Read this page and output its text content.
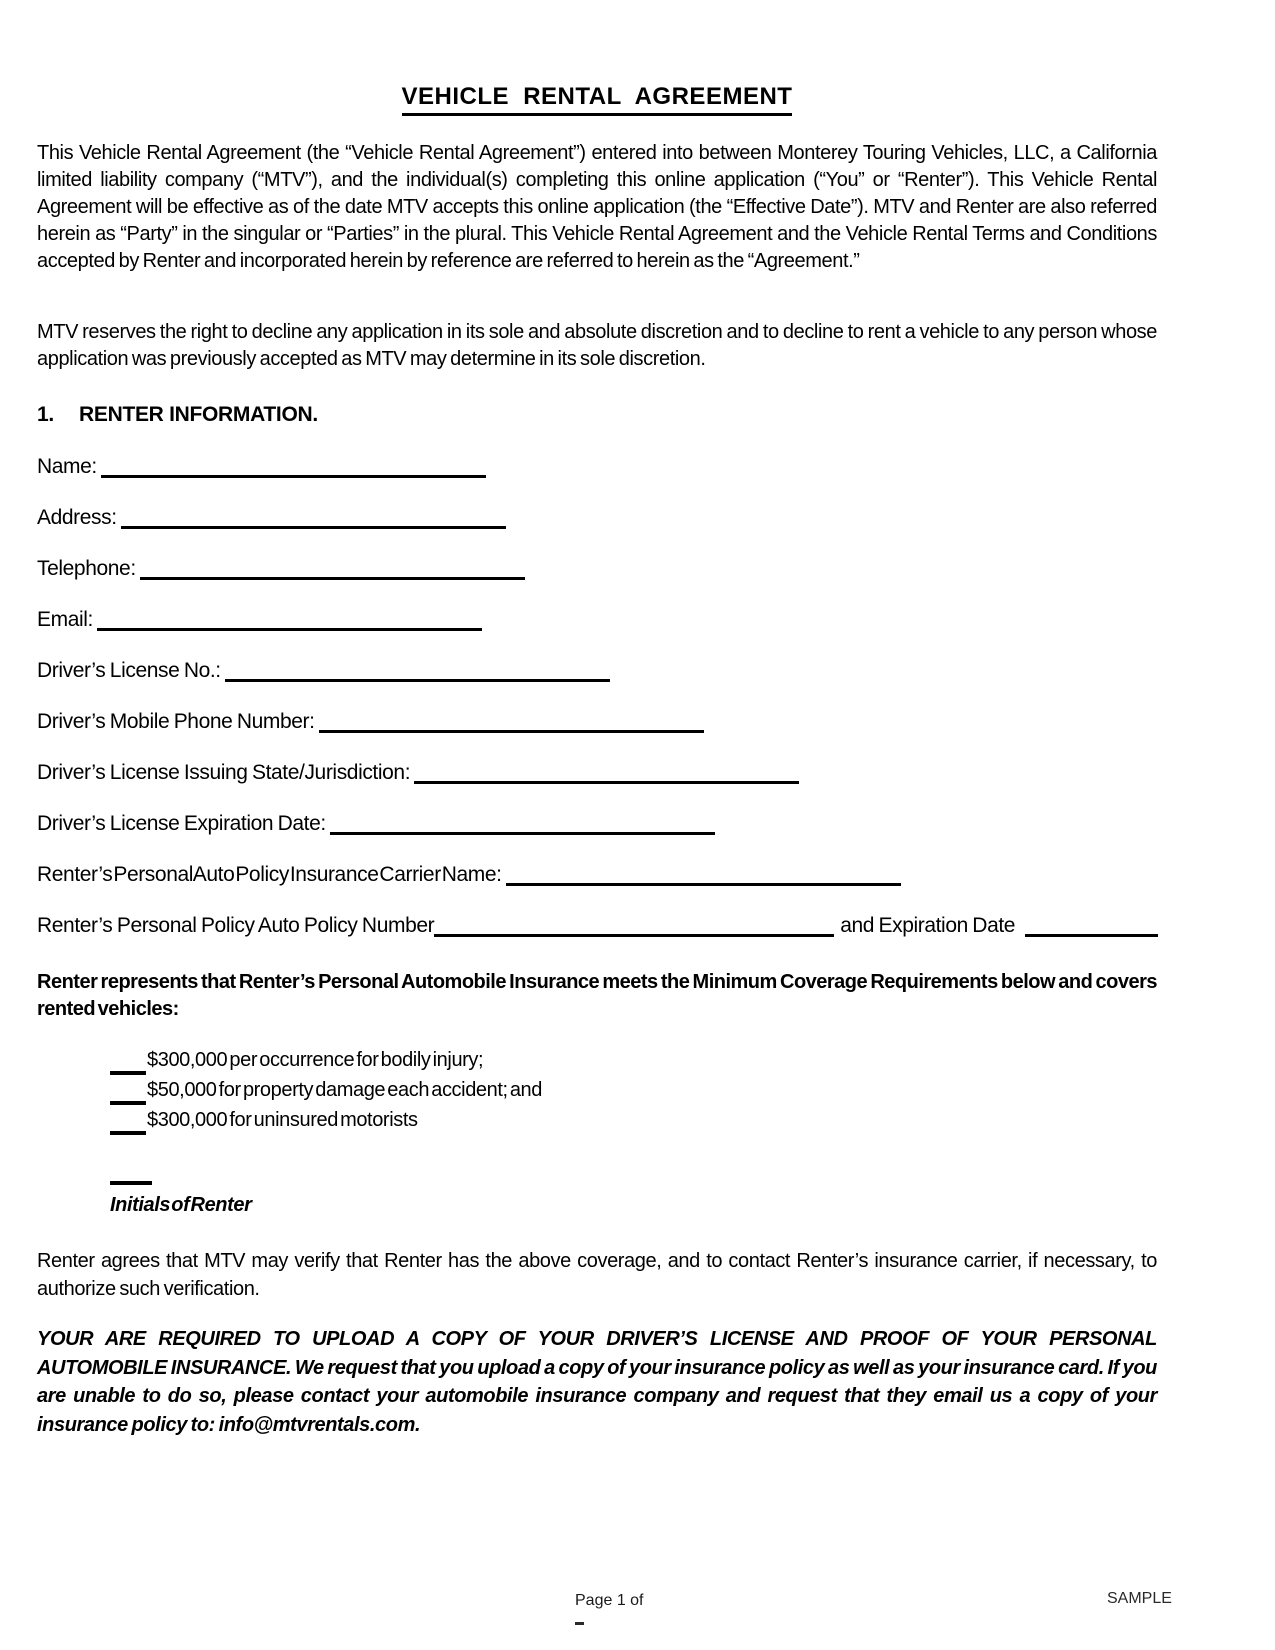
VEHICLE RENTAL AGREEMENT

This Vehicle Rental Agreement (the “Vehicle Rental Agreement”) entered into between Monterey Touring Vehicles, LLC, a California limited liability company (“MTV”), and the individual(s) completing this online application (“You” or “Renter”). This Vehicle Rental Agreement will be effective as of the date MTV accepts this online application (the “Effective Date”). MTV and Renter are also referred herein as “Party” in the singular or “Parties” in the plural. This Vehicle Rental Agreement and the Vehicle Rental Terms and Conditions accepted by Renter and incorporated herein by reference are referred to herein as the “Agreement.”

MTV reserves the right to decline any application in its sole and absolute discretion and to decline to rent a vehicle to any person whose application was previously accepted as MTV may determine in its sole discretion.

1. RENTER INFORMATION.
Name:
Address:
Telephone:
Email:
Driver’s License No.:
Driver’s Mobile Phone Number:
Driver’s License Issuing State/Jurisdiction:
Driver’s License Expiration Date:
Renter’s Personal Auto Policy Insurance Carrier Name:
Renter’s Personal Policy Auto Policy Number	and Expiration Date

Renter represents that Renter’s Personal Automobile Insurance meets the Minimum Coverage Requirements below and covers rented vehicles:

$300,000 per occurrence for bodily injury;
$50,000 for property damage each accident; and
$300,000 for uninsured motorists
Initials of Renter

Renter agrees that MTV may verify that Renter has the above coverage, and to contact Renter’s insurance carrier, if necessary, to authorize such verification.

YOUR ARE REQUIRED TO UPLOAD A COPY OF YOUR DRIVER’S LICENSE AND PROOF OF YOUR PERSONAL AUTOMOBILE INSURANCE. We request that you upload a copy of your insurance policy as well as your insurance card. If you are unable to do so, please contact your automobile insurance company and request that they email us a copy of your insurance policy to: info@mtvrentals.com.

Page 1 of	SAMPLE
